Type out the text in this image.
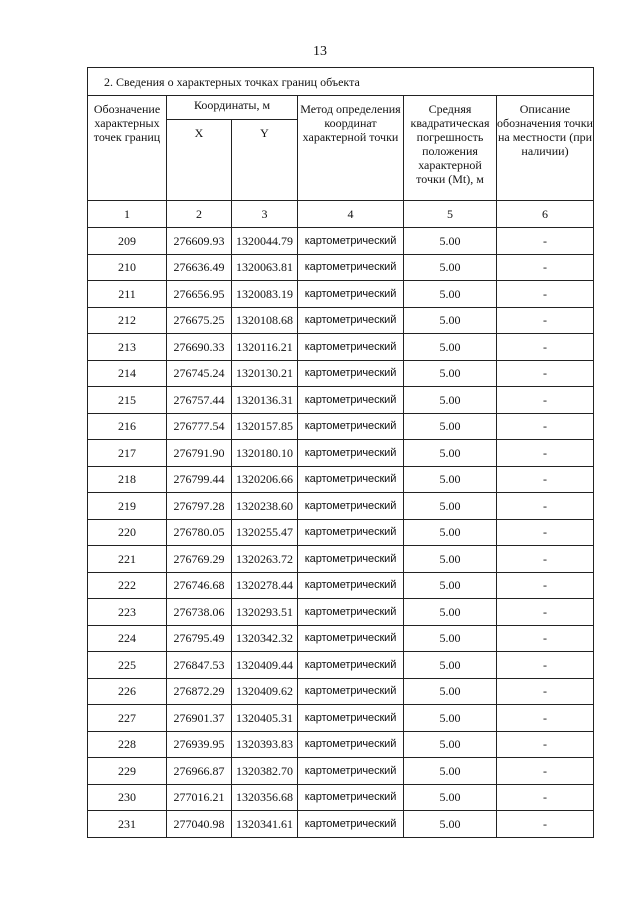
13
2. Сведения о характерных точках границ объекта					
Обозначение характерных точек границ	Координаты, м		Метод определения координат характерной точки	Средняя квадратическая погрешность положения характерной точки (Mt), м	Описание обозначения точки на местности (при наличии)
	X	Y			
1	2	3	4	5	6
209	276609.93	1320044.79	картометрический	5.00	-
210	276636.49	1320063.81	картометрический	5.00	-
211	276656.95	1320083.19	картометрический	5.00	-
212	276675.25	1320108.68	картометрический	5.00	-
213	276690.33	1320116.21	картометрический	5.00	-
214	276745.24	1320130.21	картометрический	5.00	-
215	276757.44	1320136.31	картометрический	5.00	-
216	276777.54	1320157.85	картометрический	5.00	-
217	276791.90	1320180.10	картометрический	5.00	-
218	276799.44	1320206.66	картометрический	5.00	-
219	276797.28	1320238.60	картометрический	5.00	-
220	276780.05	1320255.47	картометрический	5.00	-
221	276769.29	1320263.72	картометрический	5.00	-
222	276746.68	1320278.44	картометрический	5.00	-
223	276738.06	1320293.51	картометрический	5.00	-
224	276795.49	1320342.32	картометрический	5.00	-
225	276847.53	1320409.44	картометрический	5.00	-
226	276872.29	1320409.62	картометрический	5.00	-
227	276901.37	1320405.31	картометрический	5.00	-
228	276939.95	1320393.83	картометрический	5.00	-
229	276966.87	1320382.70	картометрический	5.00	-
230	277016.21	1320356.68	картометрический	5.00	-
231	277040.98	1320341.61	картометрический	5.00	-
